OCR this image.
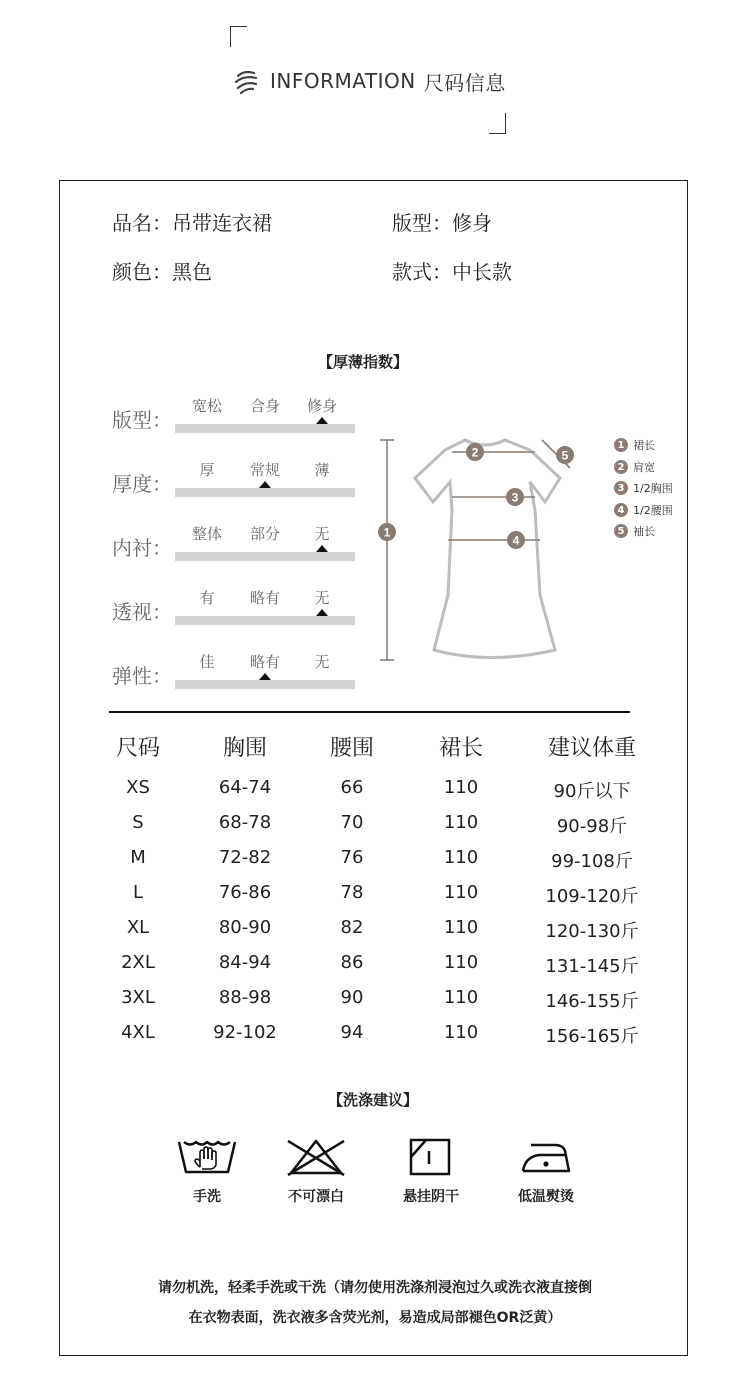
INFORMATION 尺码信息
品名：吊带连衣裙	版型：修身
颜色：黑色	款式：中长款
【厚薄指数】
版型：
宽松 合身 修身
厚度：
厚 常规 薄
内衬：
整体 部分 无
透视：
有 略有 无
弹性：
佳 略有 无
1
2
3
4
5
1 裙长
2 肩宽
3 1/2胸围
4 1/2腰围
5 袖长
尺码	胸围	腰围	裙长	建议体重
XS	64-74	66	110	90斤以下
S	68-78	70	110	90-98斤
M	72-82	76	110	99-108斤
L	76-86	78	110	109-120斤
XL	80-90	82	110	120-130斤
2XL	84-94	86	110	131-145斤
3XL	88-98	90	110	146-155斤
4XL	92-102	94	110	156-165斤
【洗涤建议】
手洗	不可漂白	悬挂阴干	低温熨烫
请勿机洗，轻柔手洗或干洗（请勿使用洗涤剂浸泡过久或洗衣液直接倒
在衣物表面，洗衣液多含荧光剂，易造成局部褪色OR泛黄）
